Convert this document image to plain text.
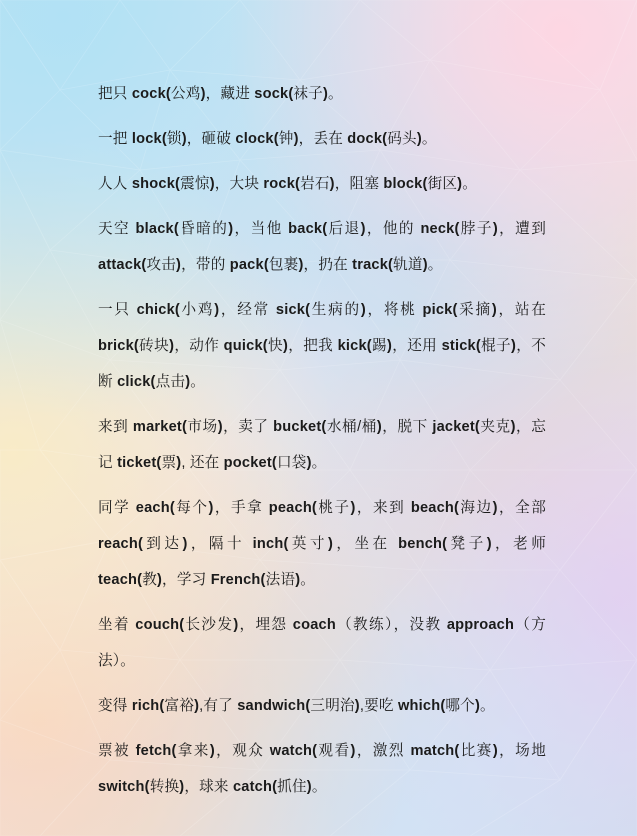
把只 cock(公鸡)，藏进 sock(袜子)。

一把 lock(锁)，砸破 clock(钟)，丢在 dock(码头)。

人人 shock(震惊)，大块 rock(岩石)，阻塞 block(街区)。

天空 black(昏暗的)，当他 back(后退)，他的 neck(脖子)，遭到 attack(攻击)，带的 pack(包裹)，扔在 track(轨道)。

一只 chick(小鸡)，经常 sick(生病的)，将桃 pick(采摘)，站在 brick(砖块)，动作 quick(快)，把我 kick(踢)，还用 stick(棍子)，不断 click(点击)。

来到 market(市场)，卖了 bucket(水桶/桶)，脱下 jacket(夹克)，忘记 ticket(票), 还在 pocket(口袋)。

同学 each(每个)，手拿 peach(桃子)，来到 beach(海边)，全部 reach(到达)，隔十 inch(英寸)，坐在 bench(凳子)，老师 teach(教)，学习 French(法语)。

坐着 couch(长沙发)，埋怨 coach（教练），没教 approach（方法）。

变得 rich(富裕),有了 sandwich(三明治),要吃 which(哪个)。

票被 fetch(拿来)，观众 watch(观看)，激烈 match(比赛)，场地 switch(转换)，球来 catch(抓住)。
